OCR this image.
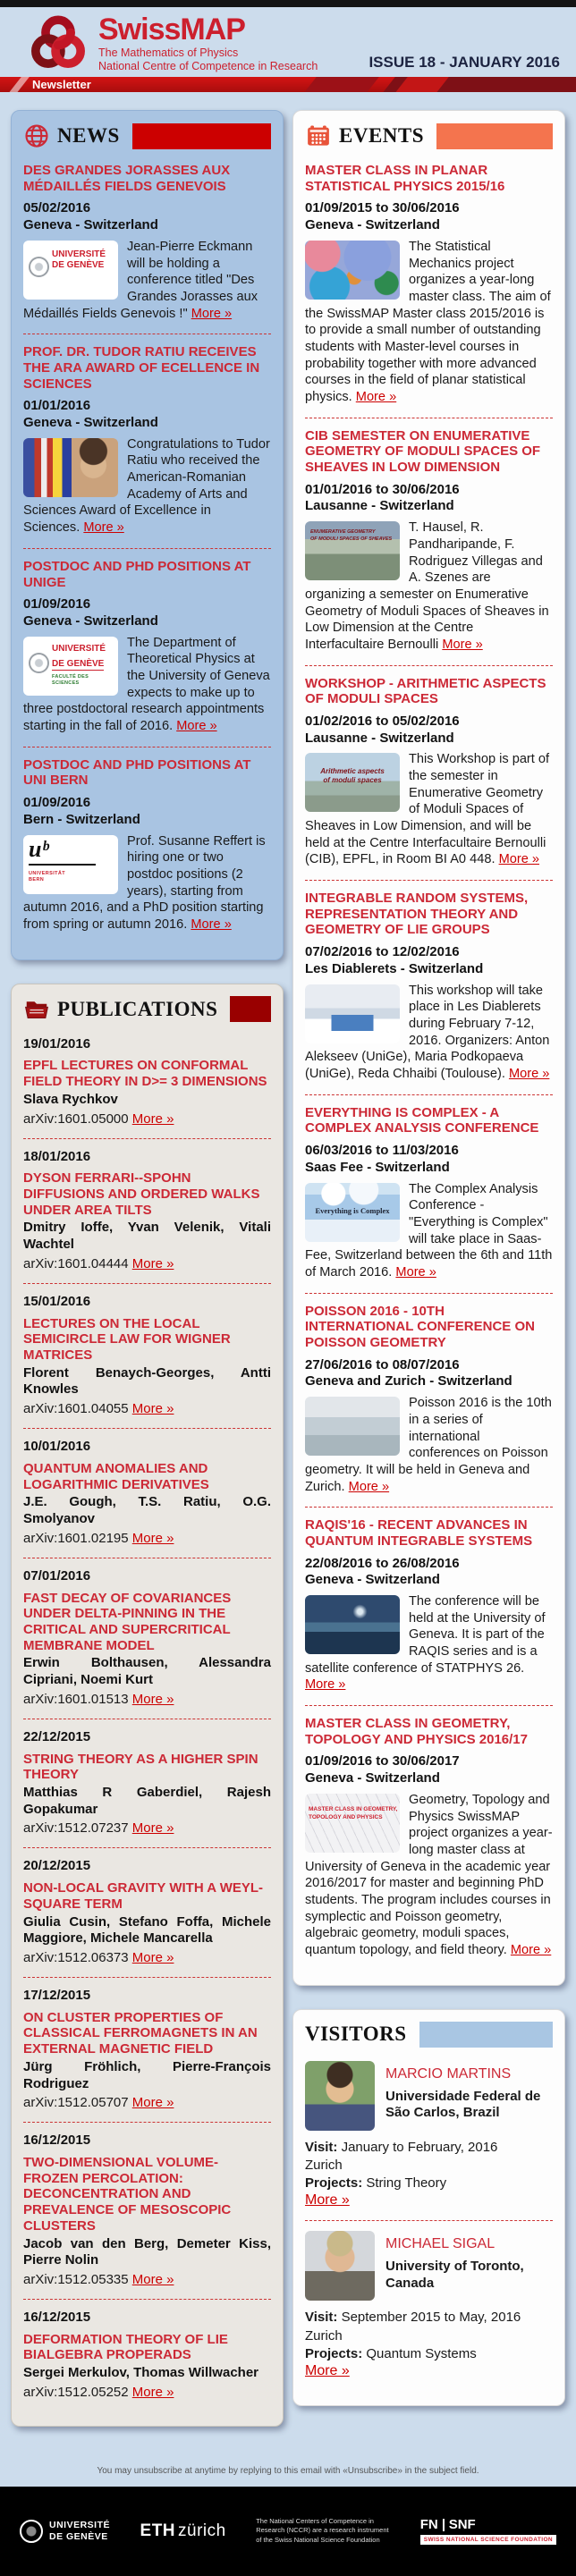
SwissMAP
The Mathematics of Physics
National Centre of Competence in Research	ISSUE 18 - JANUARY 2016
Newsletter
NEWS
DES GRANDES JORASSES AUX MÉDAILLÉS FIELDS GENEVOIS
05/02/2016
Geneva - Switzerland
UNIVERSITÉ
DE GENÈVE
Jean-Pierre Eckmann will be holding a conference titled "Des Grandes Jorasses aux Médaillés Fields Genevois !" More »
PROF. DR. TUDOR RATIU RECEIVES THE ARA AWARD OF ECELLENCE IN SCIENCES
01/01/2016
Geneva - Switzerland
Congratulations to Tudor Ratiu who received the American-Romanian Academy of Arts and Sciences Award of Excellence in Sciences. More »
POSTDOC AND PHD POSITIONS AT UNIGE
01/09/2016
Geneva - Switzerland
UNIVERSITÉ
DE GENÈVE
FACULTÉ DES SCIENCES
The Department of Theoretical Physics at the University of Geneva expects to make up to three postdoctoral research appointments starting in the fall of 2016. More »
POSTDOC AND PHD POSITIONS AT UNI BERN
01/09/2016
Bern - Switzerland
uᵇ
UNIVERSITÄT
BERN
Prof. Susanne Reffert is hiring one or two postdoc positions (2 years), starting from autumn 2016, and a PhD position starting from spring or autumn 2016. More »
PUBLICATIONS
19/01/2016
EPFL LECTURES ON CONFORMAL FIELD THEORY IN D>= 3 DIMENSIONS
Slava Rychkov
arXiv:1601.05000 More »
18/01/2016
DYSON FERRARI--SPOHN DIFFUSIONS AND ORDERED WALKS UNDER AREA TILTS
Dmitry Ioffe, Yvan Velenik, Vitali Wachtel
arXiv:1601.04444 More »
15/01/2016
LECTURES ON THE LOCAL SEMICIRCLE LAW FOR WIGNER MATRICES
Florent Benaych-Georges, Antti Knowles
arXiv:1601.04055 More »
10/01/2016
QUANTUM ANOMALIES AND LOGARITHMIC DERIVATIVES
J.E. Gough, T.S. Ratiu, O.G. Smolyanov
arXiv:1601.02195 More »
07/01/2016
FAST DECAY OF COVARIANCES UNDER DELTA-PINNING IN THE CRITICAL AND SUPERCRITICAL MEMBRANE MODEL
Erwin Bolthausen, Alessandra Cipriani, Noemi Kurt
arXiv:1601.01513 More »
22/12/2015
STRING THEORY AS A HIGHER SPIN THEORY
Matthias R Gaberdiel, Rajesh Gopakumar
arXiv:1512.07237 More »
20/12/2015
NON-LOCAL GRAVITY WITH A WEYL-SQUARE TERM
Giulia Cusin, Stefano Foffa, Michele Maggiore, Michele Mancarella
arXiv:1512.06373 More »
17/12/2015
ON CLUSTER PROPERTIES OF CLASSICAL FERROMAGNETS IN AN EXTERNAL MAGNETIC FIELD
Jürg Fröhlich, Pierre-François Rodriguez
arXiv:1512.05707 More »
16/12/2015
TWO-DIMENSIONAL VOLUME-FROZEN PERCOLATION: DECONCENTRATION AND PREVALENCE OF MESOSCOPIC CLUSTERS
Jacob van den Berg, Demeter Kiss, Pierre Nolin
arXiv:1512.05335 More »
16/12/2015
DEFORMATION THEORY OF LIE BIALGEBRA PROPERADS
Sergei Merkulov, Thomas Willwacher
arXiv:1512.05252 More »
EVENTS
MASTER CLASS IN PLANAR STATISTICAL PHYSICS 2015/16
01/09/2015 to 30/06/2016
Geneva - Switzerland
The Statistical Mechanics project organizes a year-long master class. The aim of the SwissMAP Master class 2015/2016 is to provide a small number of outstanding students with Master-level courses in probability together with more advanced courses in the field of planar statistical physics. More »
CIB SEMESTER ON ENUMERATIVE GEOMETRY OF MODULI SPACES OF SHEAVES IN LOW DIMENSION
01/01/2016 to 30/06/2016
Lausanne - Switzerland
ENUMERATIVE GEOMETRY
OF MODULI SPACES OF SHEAVES
T. Hausel, R. Pandharipande, F. Rodriguez Villegas and A. Szenes are organizing a semester on Enumerative Geometry of Moduli Spaces of Sheaves in Low Dimension at the Centre Interfacultaire Bernoulli More »
WORKSHOP - ARITHMETIC ASPECTS OF MODULI SPACES
01/02/2016 to 05/02/2016
Lausanne - Switzerland
Arithmetic aspects
of moduli spaces
This Workshop is part of the semester in Enumerative Geometry of Moduli Spaces of Sheaves in Low Dimension, and will be held at the Centre Interfacultaire Bernoulli (CIB), EPFL, in Room BI A0 448. More »
INTEGRABLE RANDOM SYSTEMS, REPRESENTATION THEORY AND GEOMETRY OF LIE GROUPS
07/02/2016 to 12/02/2016
Les Diablerets - Switzerland
This workshop will take place in Les Diablerets during February 7-12, 2016. Organizers: Anton Alekseev (UniGe), Maria Podkopaeva (UniGe), Reda Chhaibi (Toulouse). More »
EVERYTHING IS COMPLEX - A COMPLEX ANALYSIS CONFERENCE
06/03/2016 to 11/03/2016
Saas Fee - Switzerland
Everything is Complex
The Complex Analysis Conference - "Everything is Complex" will take place in Saas-Fee, Switzerland between the 6th and 11th of March 2016. More »
POISSON 2016 - 10TH INTERNATIONAL CONFERENCE ON POISSON GEOMETRY
27/06/2016 to 08/07/2016
Geneva and Zurich - Switzerland
Poisson 2016 is the 10th in a series of international conferences on Poisson geometry. It will be held in Geneva and Zurich. More »
RAQIS'16 - RECENT ADVANCES IN QUANTUM INTEGRABLE SYSTEMS
22/08/2016 to 26/08/2016
Geneva - Switzerland
The conference will be held at the University of Geneva. It is part of the RAQIS series and is a satellite conference of STATPHYS 26. More »
MASTER CLASS IN GEOMETRY, TOPOLOGY AND PHYSICS 2016/17
01/09/2016 to 30/06/2017
Geneva - Switzerland
MASTER CLASS IN GEOMETRY,
TOPOLOGY AND PHYSICS
Geometry, Topology and Physics SwissMAP project organizes a year-long master class at University of Geneva in the academic year 2016/2017 for master and beginning PhD students. The program includes courses in symplectic and Poisson geometry, algebraic geometry, moduli spaces, quantum topology, and field theory. More »
VISITORS
MARCIO MARTINS
Universidade Federal de São Carlos, Brazil
Visit: January to February, 2016
Zurich
Projects: String Theory
More »
MICHAEL SIGAL
University of Toronto, Canada
Visit: September 2015 to May, 2016
Zurich
Projects: Quantum Systems
More »
You may unsubscribe at anytime by replying to this email with «Unsubscribe» in the subject field.
UNIVERSITÉ
DE GENÈVE ETH zürich
The National Centers of Competence in Research (NCCR) are a research instrument of the Swiss National Science Foundation
FN SNF
SWISS NATIONAL SCIENCE FOUNDATION
